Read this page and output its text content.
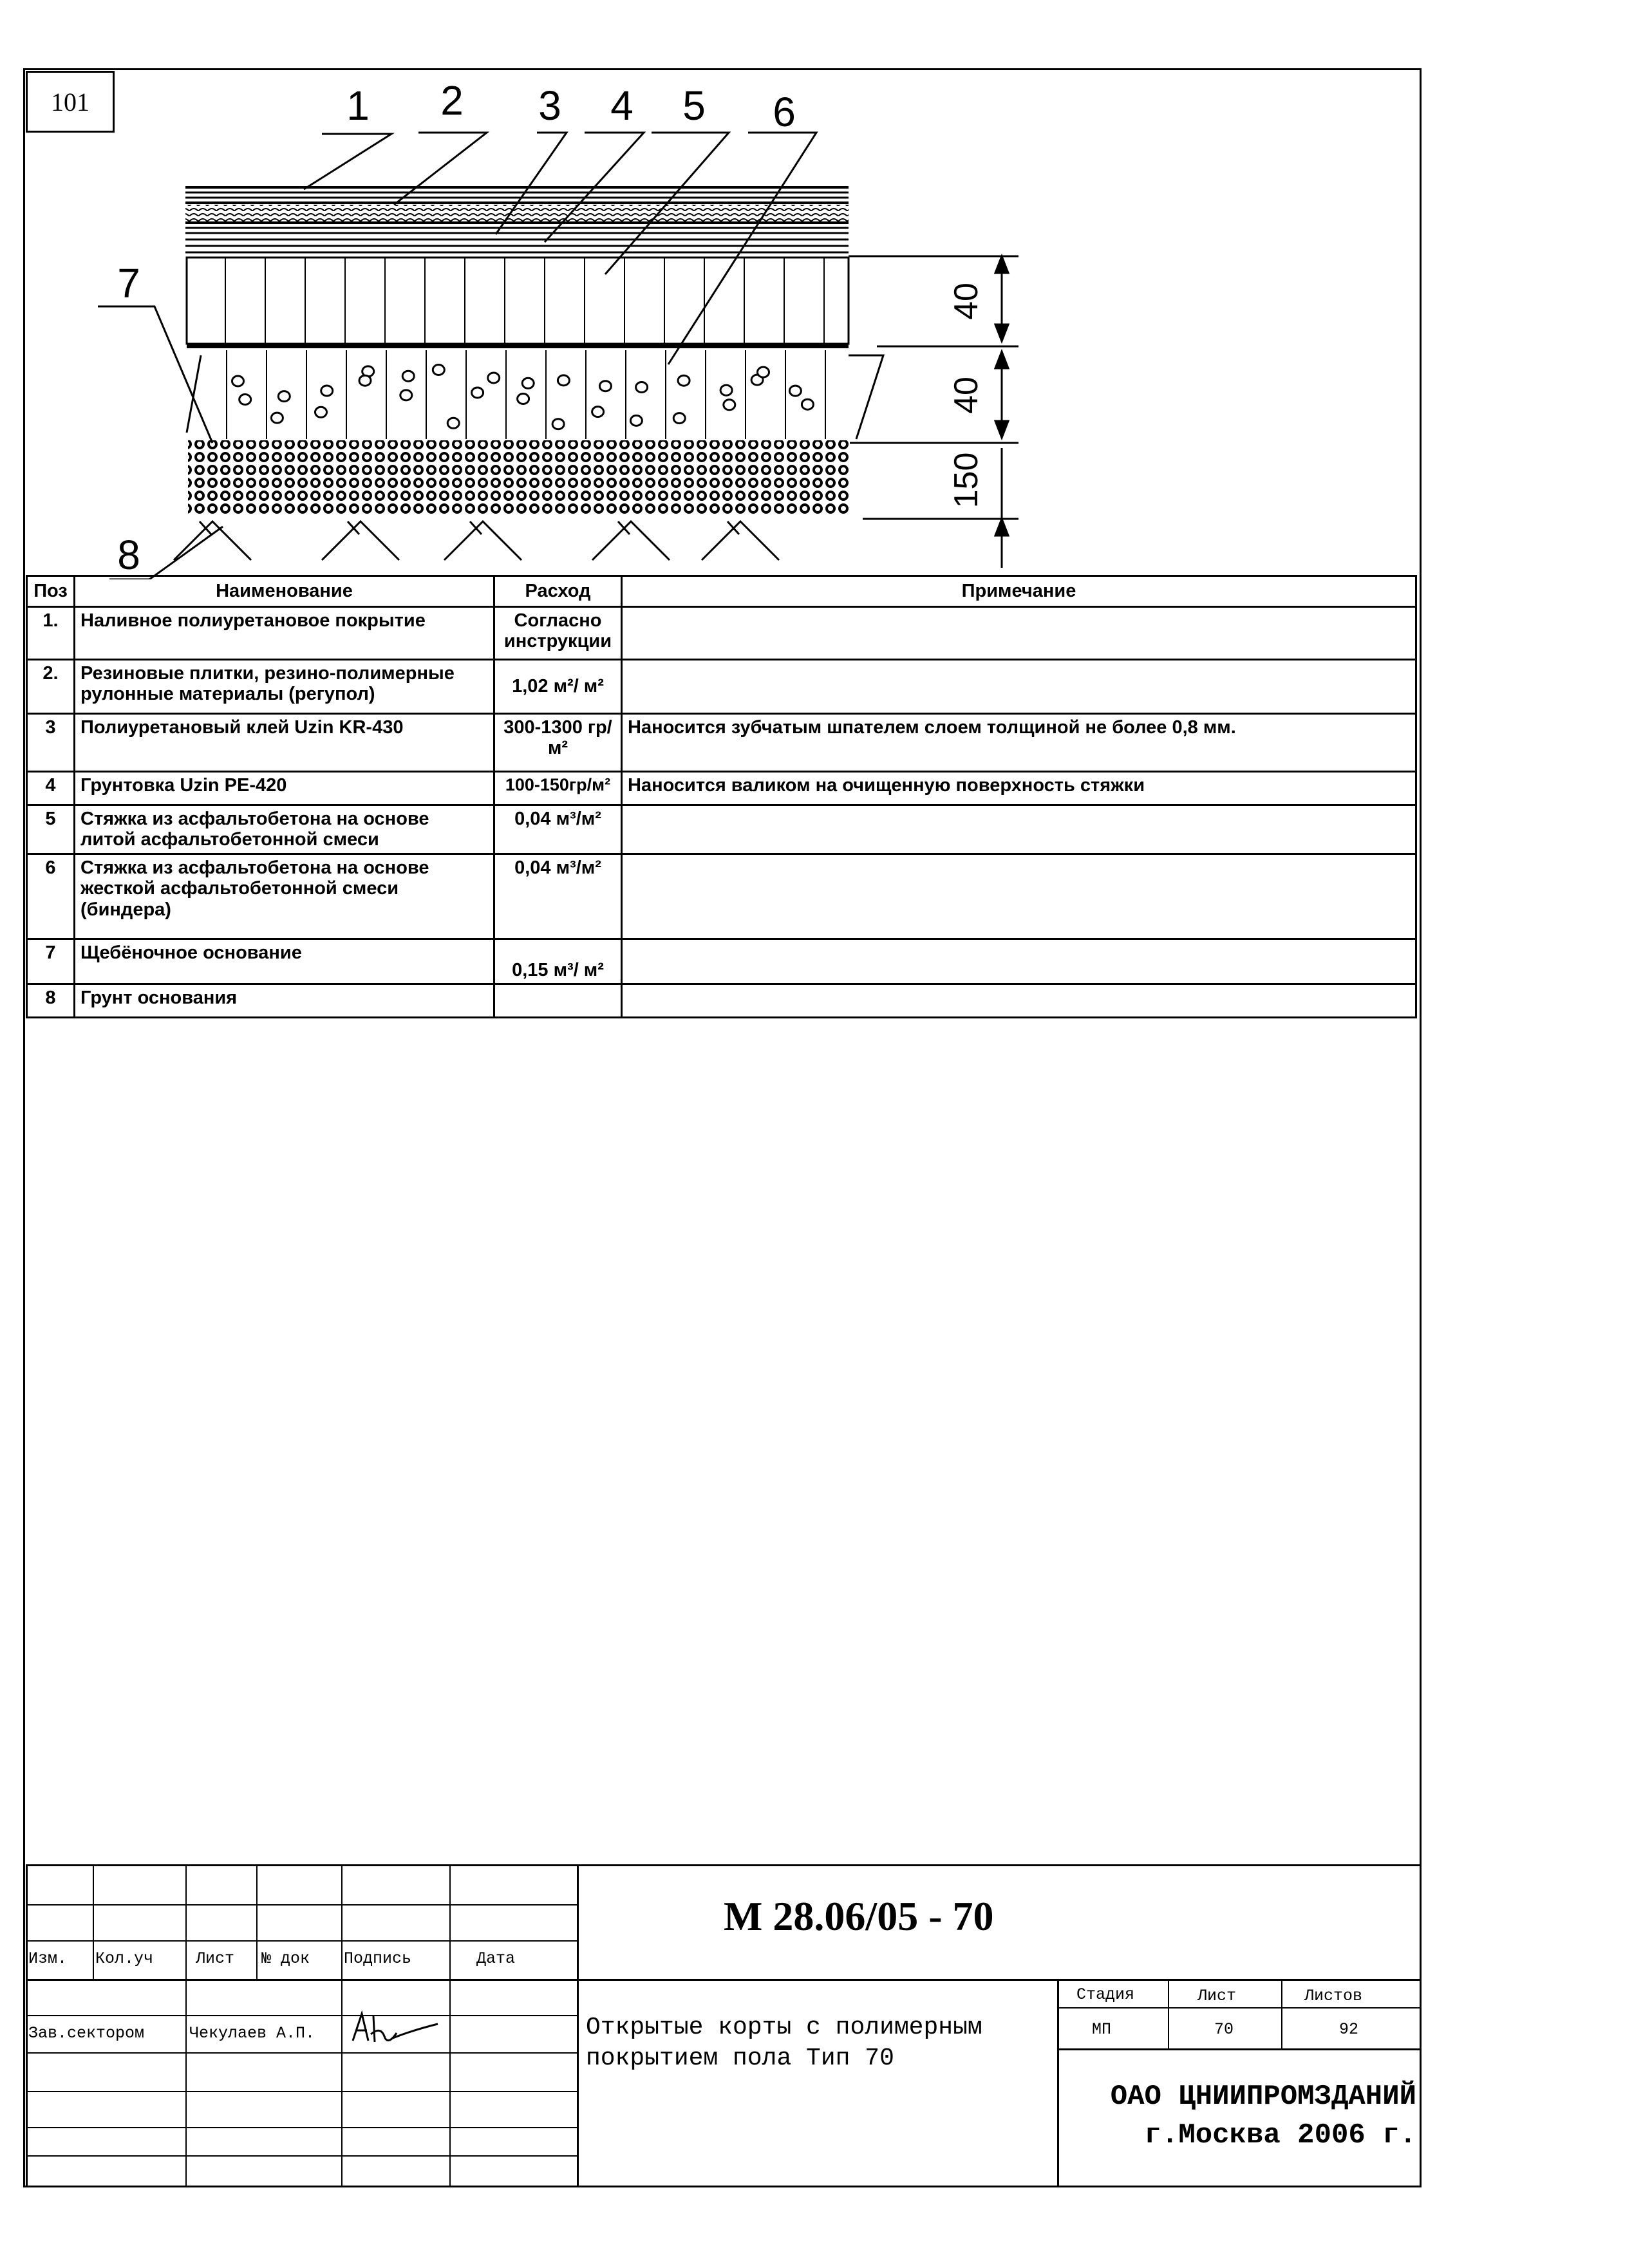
101
40
40
150
1 2 3 4 5 6
7
8
Поз	Наименование	Расход	Примечание
1.	Наливное полиуретановое покрытие	Согласно инструкции	
2.	Резиновые плитки, резино-полимерные рулонные материалы (регупол)	1,02 м²/ м²	
3	Полиуретановый клей Uzin KR-430	300-1300 гр/м²	Наносится зубчатым шпателем слоем толщиной не более 0,8 мм.
4	Грунтовка Uzin PE-420	100-150гр/м²	Наносится валиком на очищенную поверхность стяжки
5	Стяжка из асфальтобетона на основе литой асфальтобетонной смеси	0,04 м³/м²	
6	Стяжка из асфальтобетона на основе жесткой асфальтобетонной смеси (биндера)	0,04 м³/м²	
7	Щебёночное основание	0,15 м³/ м²	
8	Грунт основания		
Изм. Кол.уч	Лист № док Подпись	Дата
Зав.сектором	Чекулаев А.П.
М 28.06/05 - 70
Открытые корты с полимерным покрытием пола Тип 70
Стадия	Лист	Листов
МП	70	92
ОАО ЦНИИПРОМЗДАНИЙ
г.Москва 2006 г.
